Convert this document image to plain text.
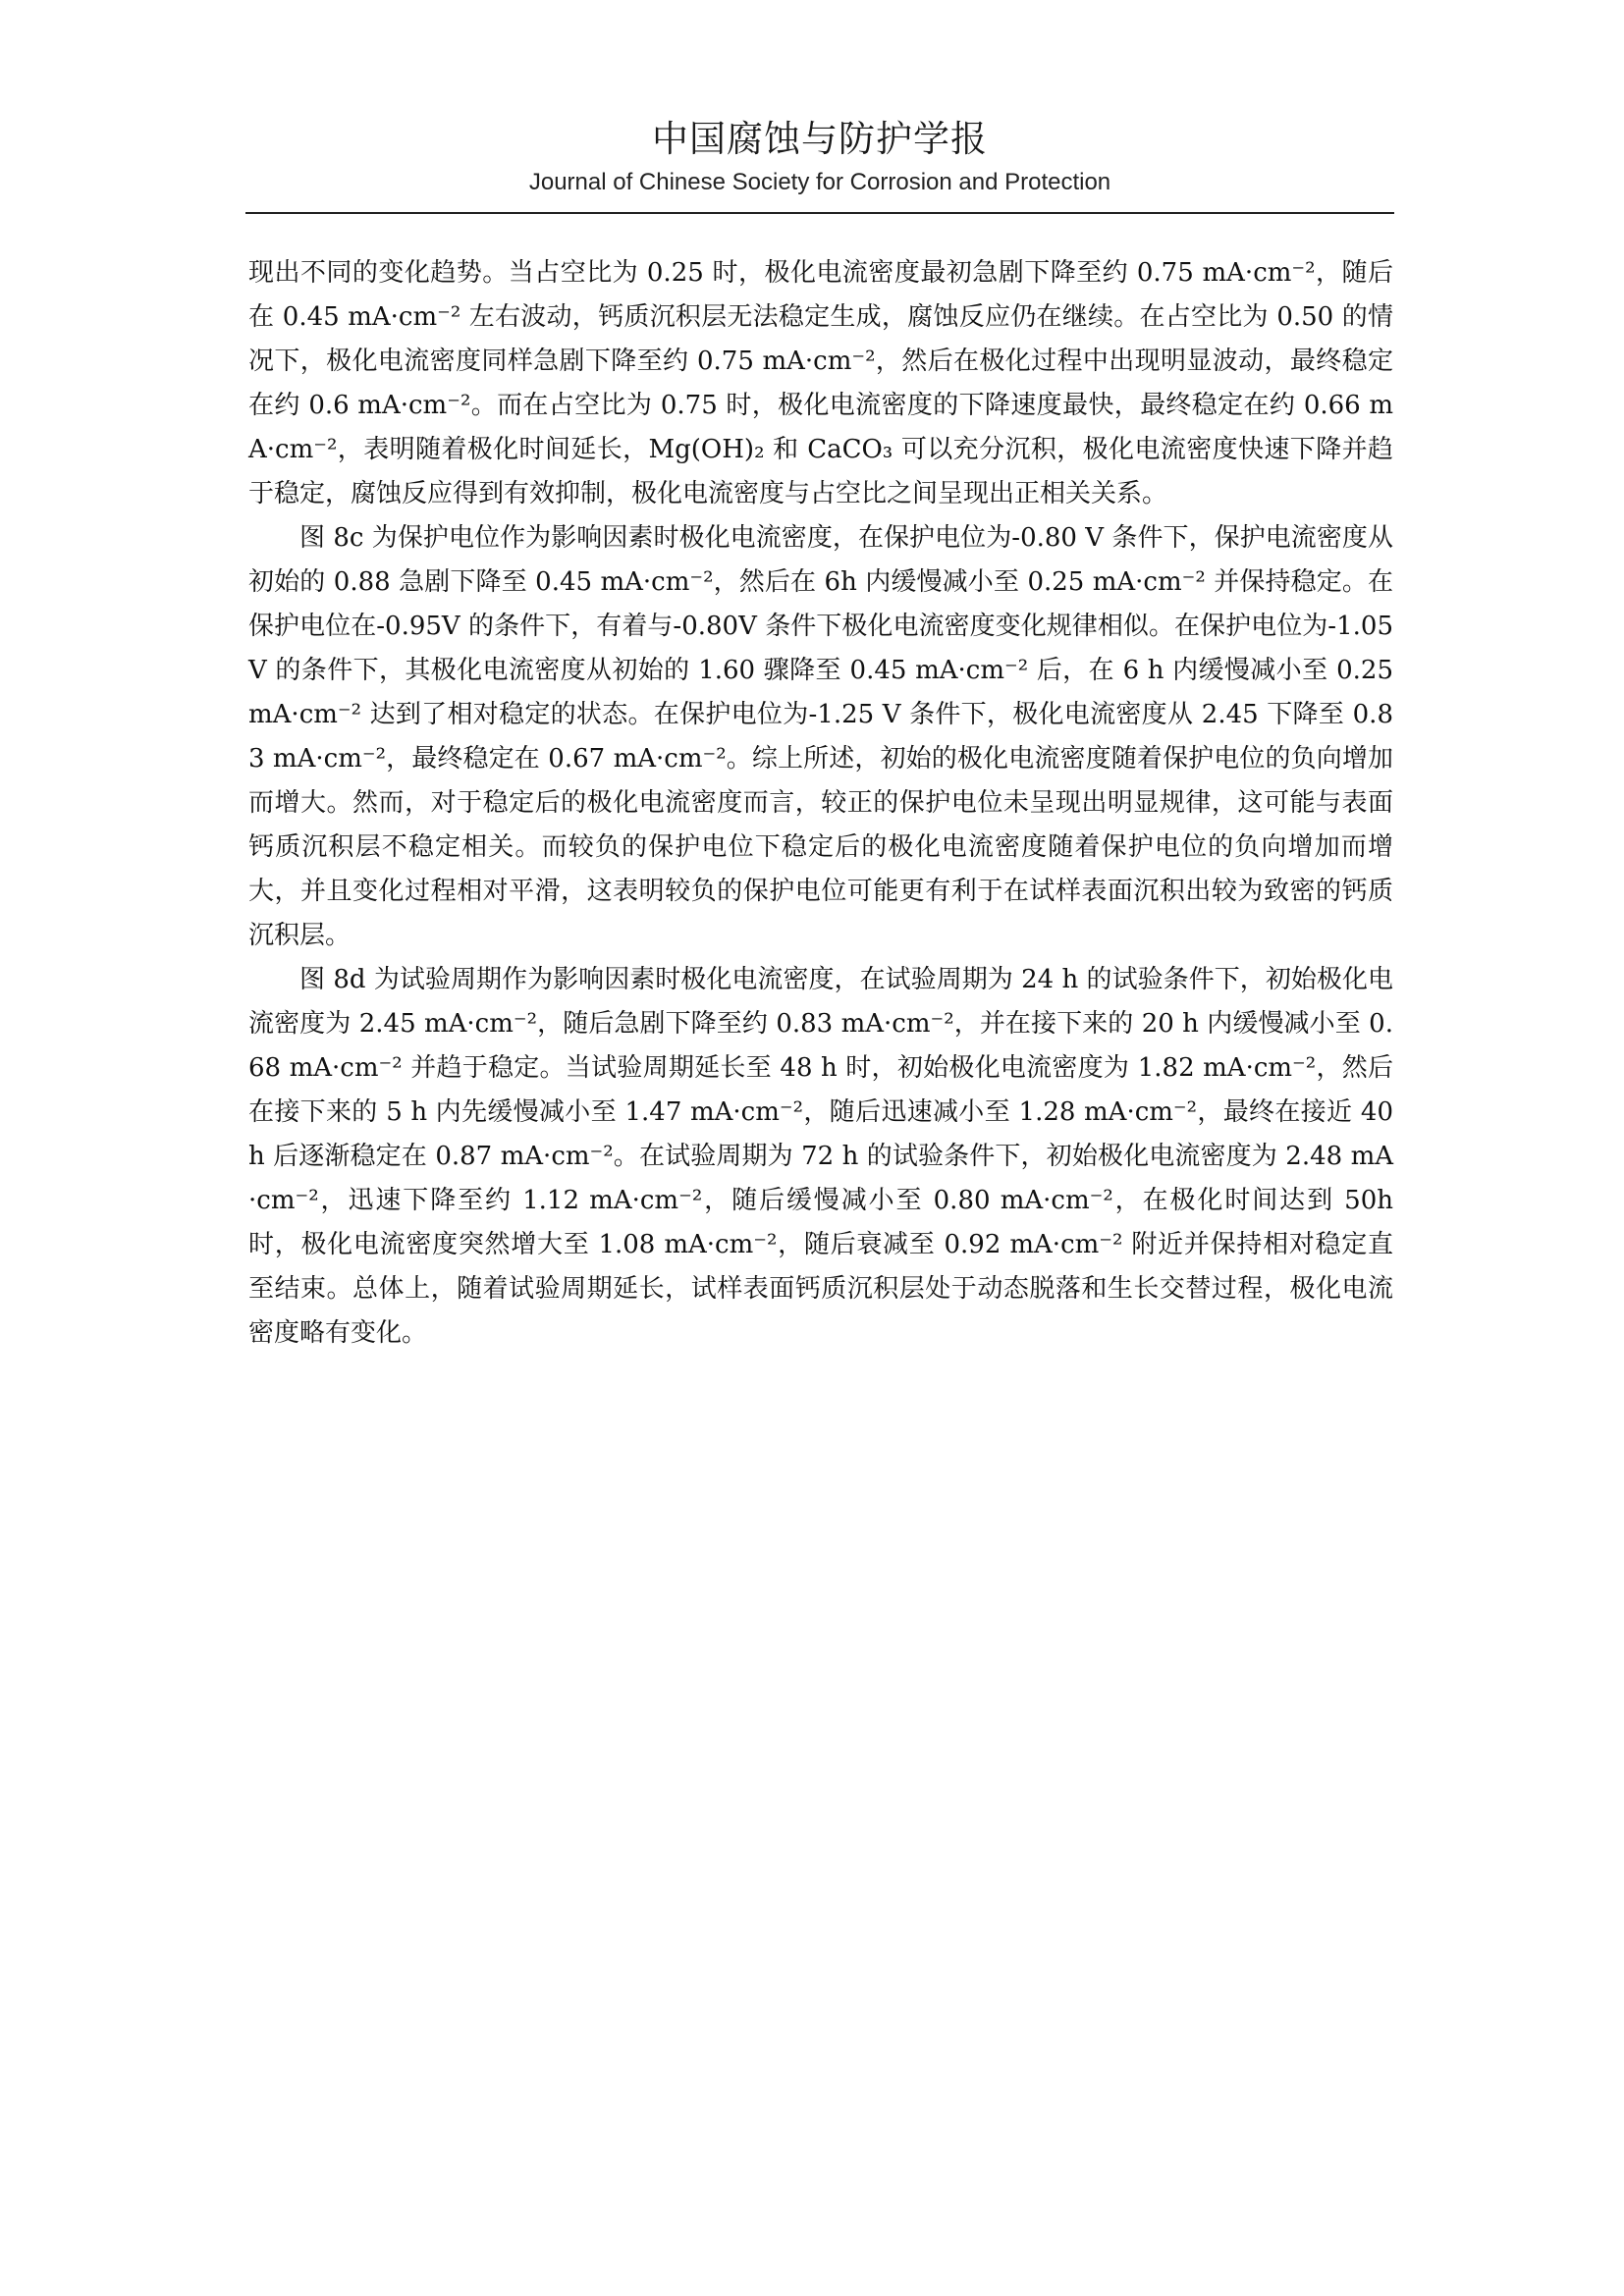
中国腐蚀与防护学报
Journal of Chinese Society for Corrosion and Protection

现出不同的变化趋势。当占空比为 0.25 时，极化电流密度最初急剧下降至约 0.75 mA·cm⁻²，随后在 0.45 mA·cm⁻² 左右波动，钙质沉积层无法稳定生成，腐蚀反应仍在继续。在占空比为 0.50 的情况下，极化电流密度同样急剧下降至约 0.75 mA·cm⁻²，然后在极化过程中出现明显波动，最终稳定在约 0.6 mA·cm⁻²。而在占空比为 0.75 时，极化电流密度的下降速度最快，最终稳定在约 0.66 mA·cm⁻²，表明随着极化时间延长，Mg(OH)₂ 和 CaCO₃ 可以充分沉积，极化电流密度快速下降并趋于稳定，腐蚀反应得到有效抑制，极化电流密度与占空比之间呈现出正相关关系。

图 8c 为保护电位作为影响因素时极化电流密度，在保护电位为-0.80 V 条件下，保护电流密度从初始的 0.88 急剧下降至 0.45 mA·cm⁻²，然后在 6h 内缓慢减小至 0.25 mA·cm⁻² 并保持稳定。在保护电位在-0.95V 的条件下，有着与-0.80V 条件下极化电流密度变化规律相似。在保护电位为-1.05 V 的条件下，其极化电流密度从初始的 1.60 骤降至 0.45 mA·cm⁻² 后，在 6 h 内缓慢减小至 0.25 mA·cm⁻² 达到了相对稳定的状态。在保护电位为-1.25 V 条件下，极化电流密度从 2.45 下降至 0.83 mA·cm⁻²，最终稳定在 0.67 mA·cm⁻²。综上所述，初始的极化电流密度随着保护电位的负向增加而增大。然而，对于稳定后的极化电流密度而言，较正的保护电位未呈现出明显规律，这可能与表面钙质沉积层不稳定相关。而较负的保护电位下稳定后的极化电流密度随着保护电位的负向增加而增大，并且变化过程相对平滑，这表明较负的保护电位可能更有利于在试样表面沉积出较为致密的钙质沉积层。

图 8d 为试验周期作为影响因素时极化电流密度，在试验周期为 24 h 的试验条件下，初始极化电流密度为 2.45 mA·cm⁻²，随后急剧下降至约 0.83 mA·cm⁻²，并在接下来的 20 h 内缓慢减小至 0.68 mA·cm⁻² 并趋于稳定。当试验周期延长至 48 h 时，初始极化电流密度为 1.82 mA·cm⁻²，然后在接下来的 5 h 内先缓慢减小至 1.47 mA·cm⁻²，随后迅速减小至 1.28 mA·cm⁻²，最终在接近 40 h 后逐渐稳定在 0.87 mA·cm⁻²。在试验周期为 72 h 的试验条件下，初始极化电流密度为 2.48 mA·cm⁻²，迅速下降至约 1.12 mA·cm⁻²，随后缓慢减小至 0.80 mA·cm⁻²，在极化时间达到 50h 时，极化电流密度突然增大至 1.08 mA·cm⁻²，随后衰减至 0.92 mA·cm⁻² 附近并保持相对稳定直至结束。总体上，随着试验周期延长，试样表面钙质沉积层处于动态脱落和生长交替过程，极化电流密度略有变化。
